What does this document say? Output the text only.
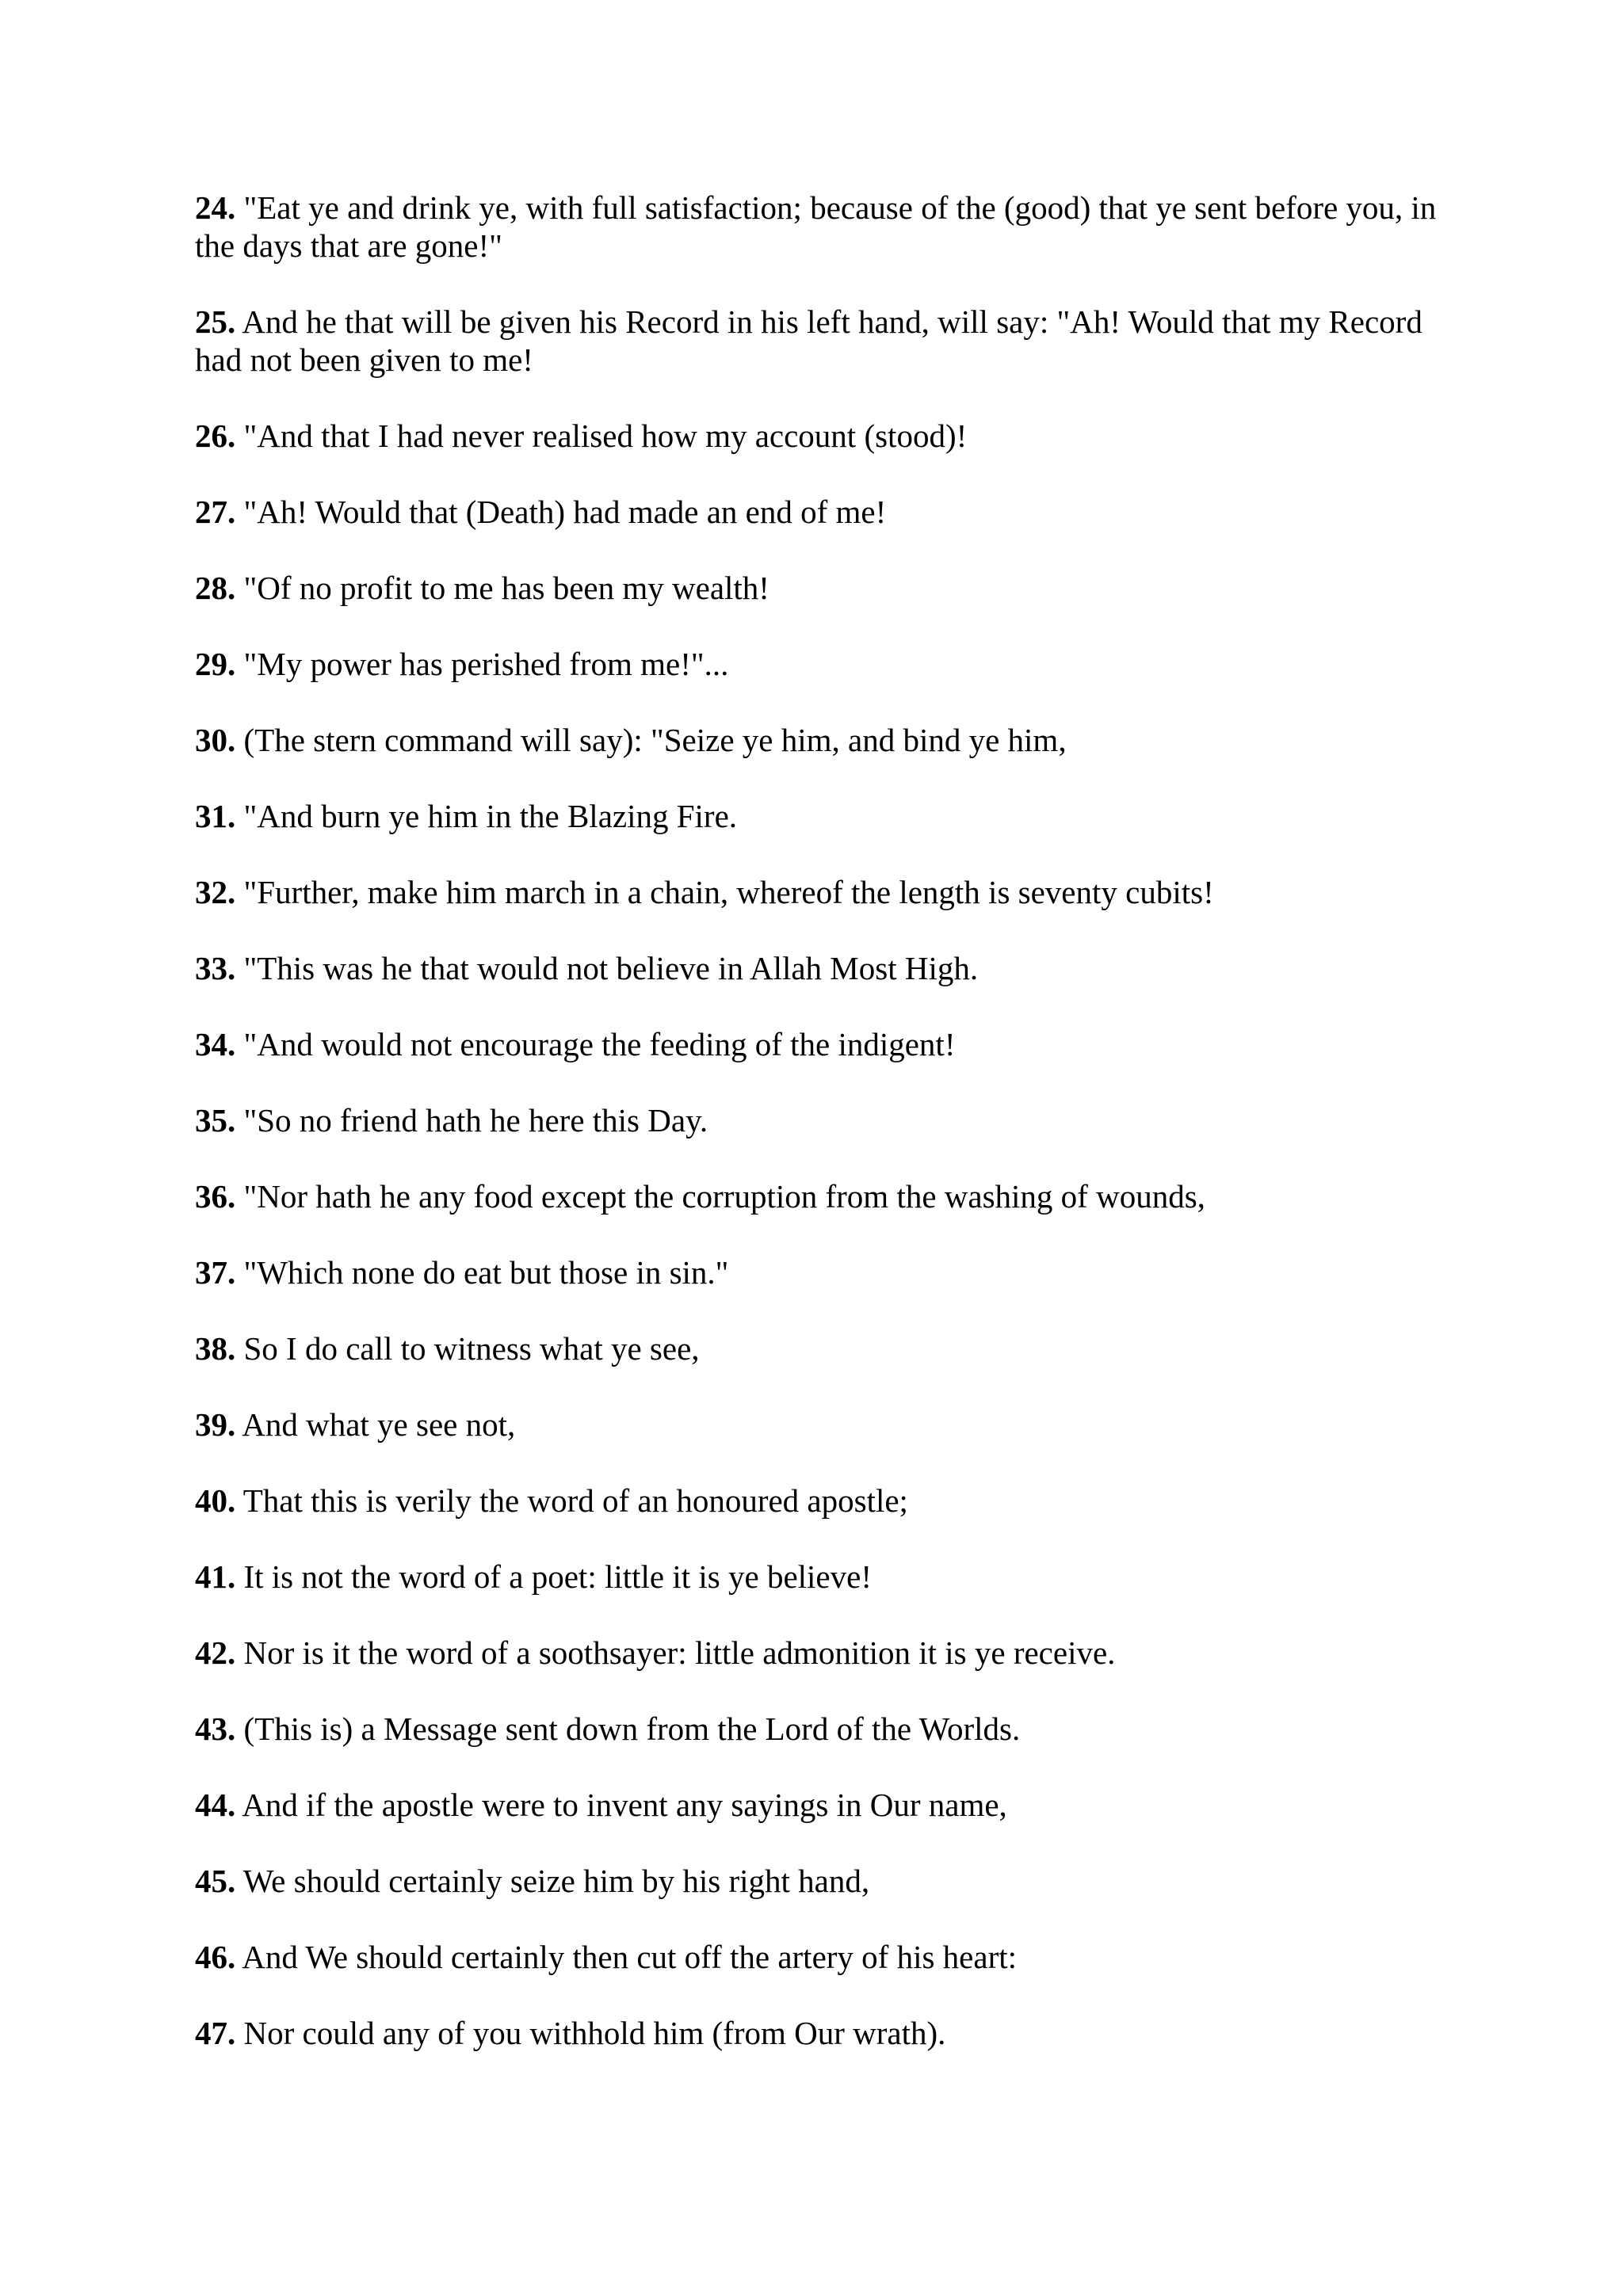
24. "Eat ye and drink ye, with full satisfaction; because of the (good) that ye sent before you, in the days that are gone!"

25. And he that will be given his Record in his left hand, will say: "Ah! Would that my Record had not been given to me!

26. "And that I had never realised how my account (stood)!

27. "Ah! Would that (Death) had made an end of me!

28. "Of no profit to me has been my wealth!

29. "My power has perished from me!"...

30. (The stern command will say): "Seize ye him, and bind ye him,

31. "And burn ye him in the Blazing Fire.

32. "Further, make him march in a chain, whereof the length is seventy cubits!

33. "This was he that would not believe in Allah Most High.

34. "And would not encourage the feeding of the indigent!

35. "So no friend hath he here this Day.

36. "Nor hath he any food except the corruption from the washing of wounds,

37. "Which none do eat but those in sin."

38. So I do call to witness what ye see,

39. And what ye see not,

40. That this is verily the word of an honoured apostle;

41. It is not the word of a poet: little it is ye believe!

42. Nor is it the word of a soothsayer: little admonition it is ye receive.

43. (This is) a Message sent down from the Lord of the Worlds.

44. And if the apostle were to invent any sayings in Our name,

45. We should certainly seize him by his right hand,

46. And We should certainly then cut off the artery of his heart:

47. Nor could any of you withhold him (from Our wrath).
